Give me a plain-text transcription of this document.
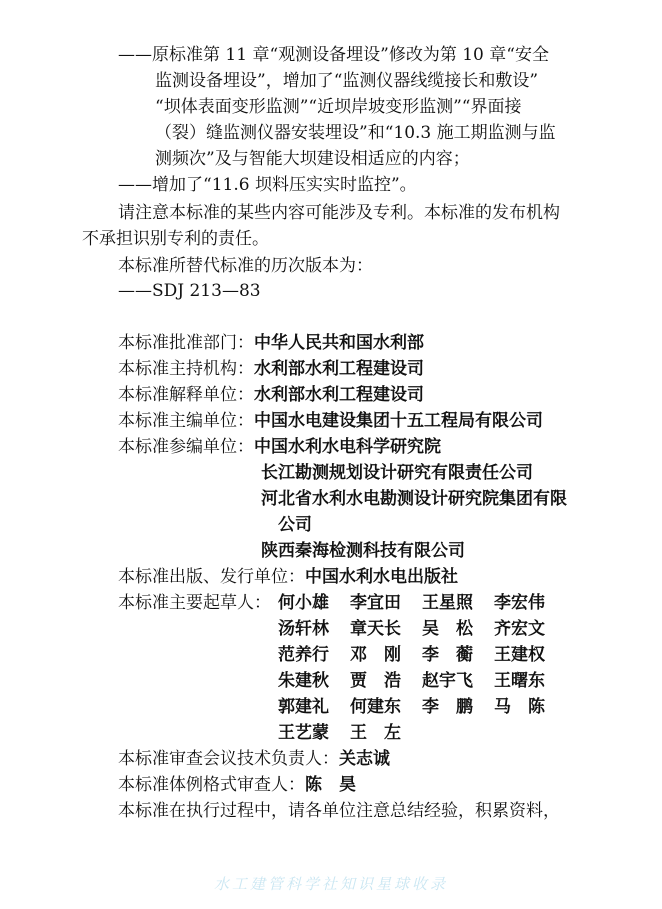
——原标准第 11 章“观测设备埋设”修改为第 10 章“安全
监测设备埋设”，增加了“监测仪器线缆接长和敷设”
“坝体表面变形监测”“近坝岸坡变形监测”“界面接
（裂）缝监测仪器安装埋设”和“10.3 施工期监测与监
测频次”及与智能大坝建设相适应的内容；
——增加了“11.6 坝料压实实时监控”。
请注意本标准的某些内容可能涉及专利。本标准的发布机构
不承担识别专利的责任。
本标准所替代标准的历次版本为：
——SDJ 213—83
本标准批准部门：中华人民共和国水利部
本标准主持机构：水利部水利工程建设司
本标准解释单位：水利部水利工程建设司
本标准主编单位：中国水电建设集团十五工程局有限公司
本标准参编单位：中国水利水电科学研究院
长江勘测规划设计研究有限责任公司
河北省水利水电勘测设计研究院集团有限
公司
陕西秦海检测科技有限公司
本标准出版、发行单位：中国水利水电出版社
本标准主要起草人： 何小雄 李宜田 王星照 李宏伟
汤轩林 章天长 吴　松 齐宏文
范养行 邓　刚 李　蘅 王建权
朱建秋 贾　浩 赵宇飞 王曙东
郭建礼 何建东 李　鹏 马　陈
王艺蒙 王　左
本标准审查会议技术负责人：关志诚
本标准体例格式审查人：陈　昊
本标准在执行过程中，请各单位注意总结经验，积累资料，
水工建管科学社知识星球收录
